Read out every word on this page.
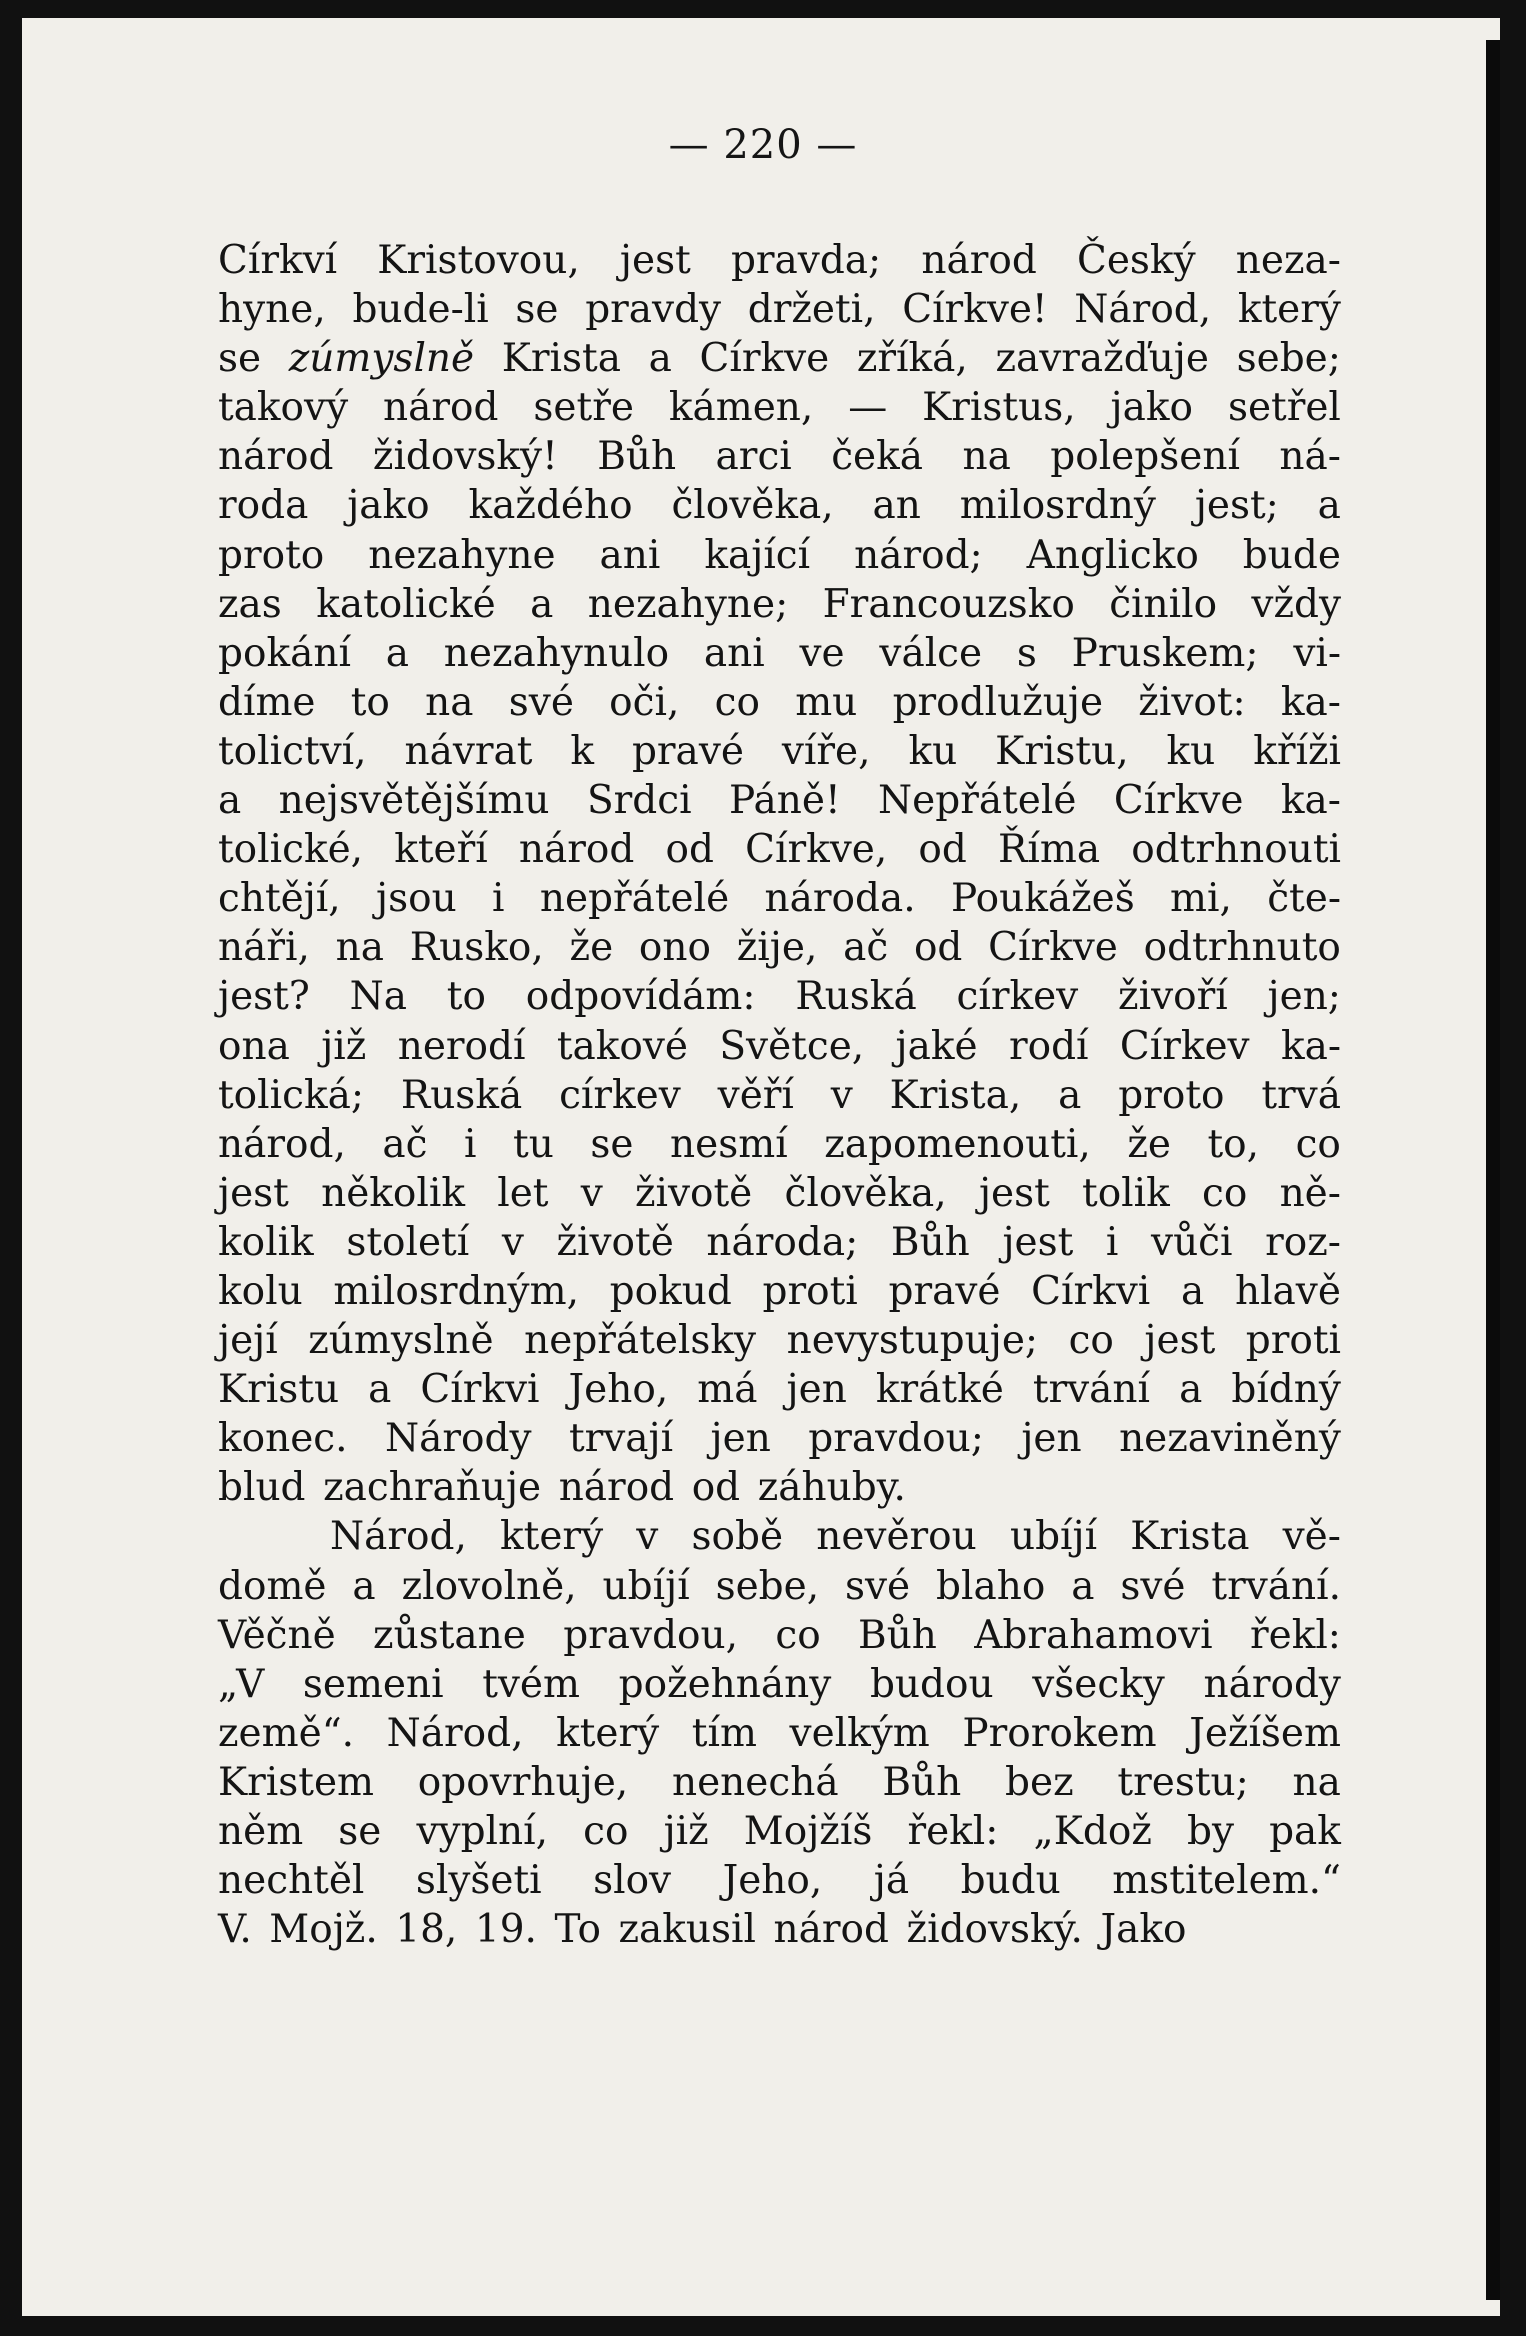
— 220 —
Církví Kristovou, jest pravda; národ Český neza-
hyne, bude-li se pravdy držeti, Církve! Národ, který
se zúmyslně Krista a Církve zříká, zavražďuje sebe;
takový národ setře kámen, — Kristus, jako setřel
národ židovský! Bůh arci čeká na polepšení ná-
roda jako každého člověka, an milosrdný jest; a
proto nezahyne ani kající národ; Anglicko bude
zas katolické a nezahyne; Francouzsko činilo vždy
pokání a nezahynulo ani ve válce s Pruskem; vi-
díme to na své oči, co mu prodlužuje život: ka-
tolictví, návrat k pravé víře, ku Kristu, ku kříži
a nejsvětějšímu Srdci Páně! Nepřátelé Církve ka-
tolické, kteří národ od Církve, od Říma odtrhnouti
chtějí, jsou i nepřátelé národa. Poukážeš mi, čte-
náři, na Rusko, že ono žije, ač od Církve odtrhnuto
jest? Na to odpovídám: Ruská církev živoří jen;
ona již nerodí takové Světce, jaké rodí Církev ka-
tolická; Ruská církev věří v Krista, a proto trvá
národ, ač i tu se nesmí zapomenouti, že to, co
jest několik let v životě člověka, jest tolik co ně-
kolik století v životě národa; Bůh jest i vůči roz-
kolu milosrdným, pokud proti pravé Církvi a hlavě
její zúmyslně nepřátelsky nevystupuje; co jest proti
Kristu a Církvi Jeho, má jen krátké trvání a bídný
konec. Národy trvají jen pravdou; jen nezaviněný
blud zachraňuje národ od záhuby.
Národ, který v sobě nevěrou ubíjí Krista vě-
domě a zlovolně, ubíjí sebe, své blaho a své trvání.
Věčně zůstane pravdou, co Bůh Abrahamovi řekl:
„V semeni tvém požehnány budou všecky národy
země“. Národ, který tím velkým Prorokem Ježíšem
Kristem opovrhuje, nenechá Bůh bez trestu; na
něm se vyplní, co již Mojžíš řekl: „Kdož by pak
nechtěl slyšeti slov Jeho, já budu mstitelem.“
V. Mojž. 18, 19. To zakusil národ židovský. Jako
